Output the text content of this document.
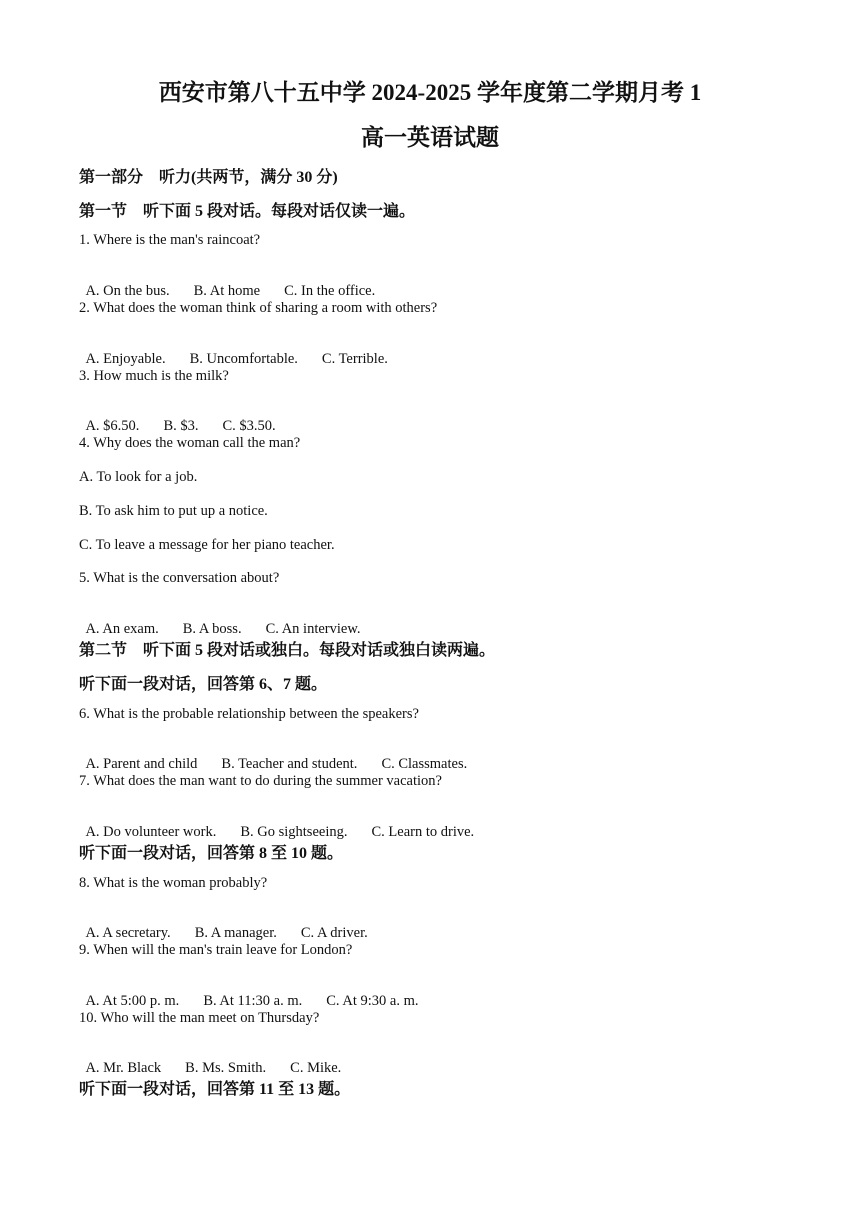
西安市第八十五中学 2024-2025 学年度第二学期月考 1
高一英语试题
第一部分　听力(共两节，满分 30 分)
第一节　听下面 5 段对话。每段对话仅读一遍。
1. Where is the man's raincoat?

A. On the bus. B. At home C. In the office.

2. What does the woman think of sharing a room with others?

A. Enjoyable. B. Uncomfortable. C. Terrible.

3. How much is the milk?

A. $6.50. B. $3. C. $3.50.

4. Why does the woman call the man?
A. To look for a job.
B. To ask him to put up a notice.
C. To leave a message for her piano teacher.
5. What is the conversation about?

A. An exam. B. A boss. C. An interview.

第二节　听下面 5 段对话或独白。每段对话或独白读两遍。
听下面一段对话，回答第 6、7 题。
6. What is the probable relationship between the speakers?

A. Parent and child B. Teacher and student. C. Classmates.

7. What does the man want to do during the summer vacation?

A. Do volunteer work. B. Go sightseeing. C. Learn to drive.

听下面一段对话，回答第 8 至 10 题。
8. What is the woman probably?

A. A secretary. B. A manager. C. A driver.

9. When will the man's train leave for London?

A. At 5:00 p. m. B. At 11:30 a. m. C. At 9:30 a. m.

10. Who will the man meet on Thursday?

A. Mr. Black B. Ms. Smith. C. Mike.

听下面一段对话，回答第 11 至 13 题。
